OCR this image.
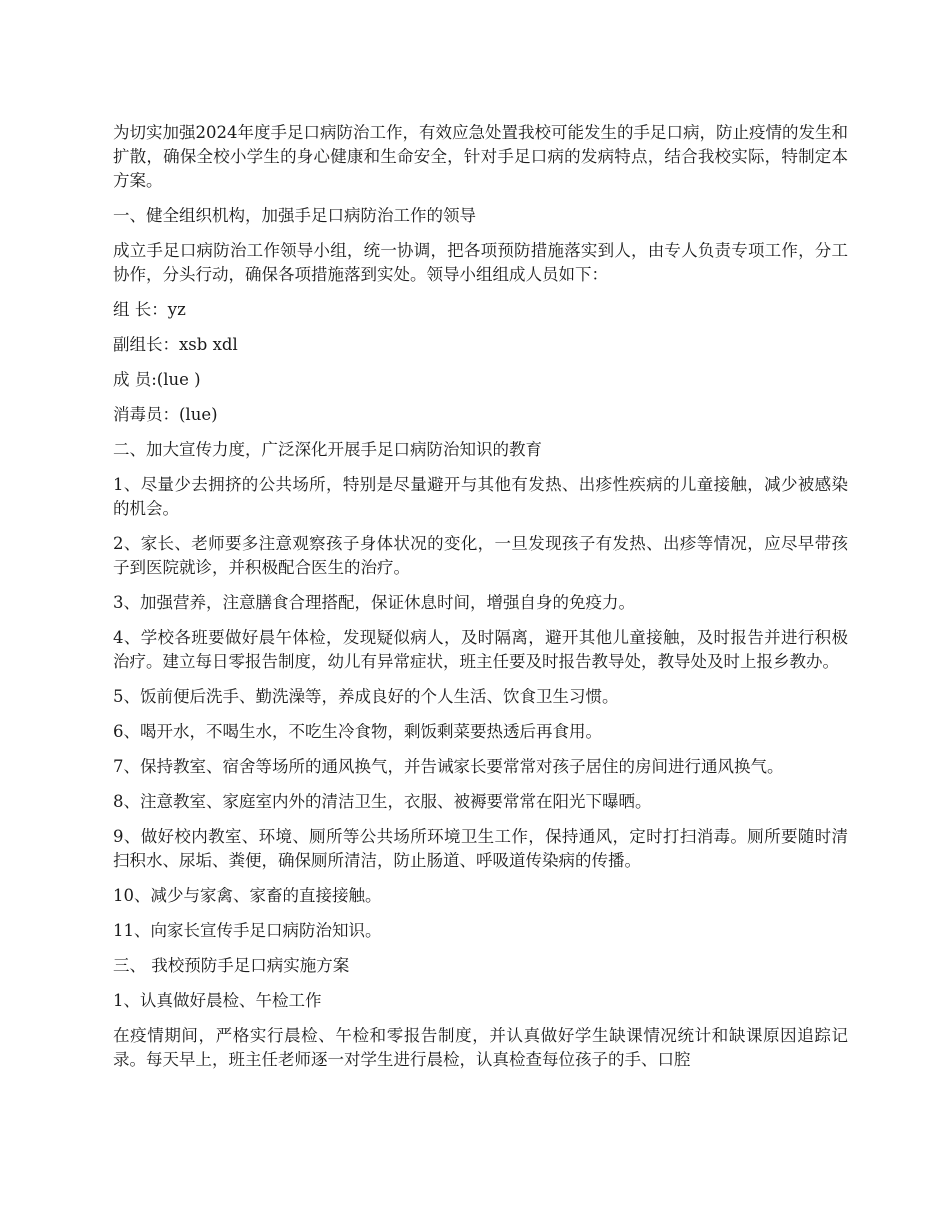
为切实加强2024年度手足口病防治工作，有效应急处置我校可能发生的手足口病，防止疫情的发生和扩散，确保全校小学生的身心健康和生命安全，针对手足口病的发病特点，结合我校实际，特制定本方案。

一、健全组织机构，加强手足口病防治工作的领导

成立手足口病防治工作领导小组，统一协调，把各项预防措施落实到人，由专人负责专项工作，分工协作，分头行动，确保各项措施落到实处。领导小组组成人员如下：

组 长：yz

副组长：xsb xdl

成 员:(lue )

消毒员：(lue)

二、加大宣传力度，广泛深化开展手足口病防治知识的教育

1、尽量少去拥挤的公共场所，特别是尽量避开与其他有发热、出疹性疾病的儿童接触，减少被感染的机会。

2、家长、老师要多注意观察孩子身体状况的变化，一旦发现孩子有发热、出疹等情况，应尽早带孩子到医院就诊，并积极配合医生的治疗。

3、加强营养，注意膳食合理搭配，保证休息时间，增强自身的免疫力。

4、学校各班要做好晨午体检，发现疑似病人，及时隔离，避开其他儿童接触，及时报告并进行积极治疗。建立每日零报告制度，幼儿有异常症状，班主任要及时报告教导处，教导处及时上报乡教办。

5、饭前便后洗手、勤洗澡等，养成良好的个人生活、饮食卫生习惯。

6、喝开水，不喝生水，不吃生冷食物，剩饭剩菜要热透后再食用。

7、保持教室、宿舍等场所的通风换气，并告诫家长要常常对孩子居住的房间进行通风换气。

8、注意教室、家庭室内外的清洁卫生，衣服、被褥要常常在阳光下曝晒。

9、做好校内教室、环境、厕所等公共场所环境卫生工作，保持通风，定时打扫消毒。厕所要随时清扫积水、尿垢、粪便，确保厕所清洁，防止肠道、呼吸道传染病的传播。

10、减少与家禽、家畜的直接接触。

11、向家长宣传手足口病防治知识。

三、 我校预防手足口病实施方案

1、认真做好晨检、午检工作

在疫情期间，严格实行晨检、午检和零报告制度，并认真做好学生缺课情况统计和缺课原因追踪记录。每天早上，班主任老师逐一对学生进行晨检，认真检查每位孩子的手、口腔
